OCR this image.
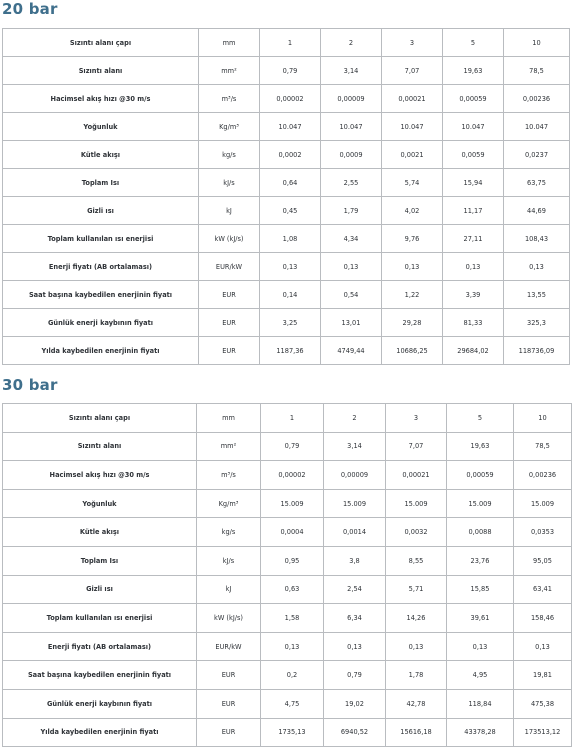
20 bar
Sızıntı alanı çapı	mm	1	2	3	5	10
Sızıntı alanı	mm²	0,79	3,14	7,07	19,63	78,5
Hacimsel akış hızı @30 m/s	m³/s	0,00002	0,00009	0,00021	0,00059	0,00236
Yoğunluk	Kg/m³	10.047	10.047	10.047	10.047	10.047
Kütle akışı	kg/s	0,0002	0,0009	0,0021	0,0059	0,0237
Toplam Isı	kJ/s	0,64	2,55	5,74	15,94	63,75
Gizli ısı	kJ	0,45	1,79	4,02	11,17	44,69
Toplam kullanılan ısı enerjisi	kW (kJ/s)	1,08	4,34	9,76	27,11	108,43
Enerji fiyatı (AB ortalaması)	EUR/kW	0,13	0,13	0,13	0,13	0,13
Saat başına kaybedilen enerjinin fiyatı	EUR	0,14	0,54	1,22	3,39	13,55
Günlük enerji kaybının fiyatı	EUR	3,25	13,01	29,28	81,33	325,3
Yılda kaybedilen enerjinin fiyatı	EUR	1187,36	4749,44	10686,25	29684,02	118736,09
30 bar
Sızıntı alanı çapı	mm	1	2	3	5	10
Sızıntı alanı	mm²	0,79	3,14	7,07	19,63	78,5
Hacimsel akış hızı @30 m/s	m³/s	0,00002	0,00009	0,00021	0,00059	0,00236
Yoğunluk	Kg/m³	15.009	15.009	15.009	15.009	15.009
Kütle akışı	kg/s	0,0004	0,0014	0,0032	0,0088	0,0353
Toplam Isı	kJ/s	0,95	3,8	8,55	23,76	95,05
Gizli ısı	kJ	0,63	2,54	5,71	15,85	63,41
Toplam kullanılan ısı enerjisi	kW (kJ/s)	1,58	6,34	14,26	39,61	158,46
Enerji fiyatı (AB ortalaması)	EUR/kW	0,13	0,13	0,13	0,13	0,13
Saat başına kaybedilen enerjinin fiyatı	EUR	0,2	0,79	1,78	4,95	19,81
Günlük enerji kaybının fiyatı	EUR	4,75	19,02	42,78	118,84	475,38
Yılda kaybedilen enerjinin fiyatı	EUR	1735,13	6940,52	15616,18	43378,28	173513,12
